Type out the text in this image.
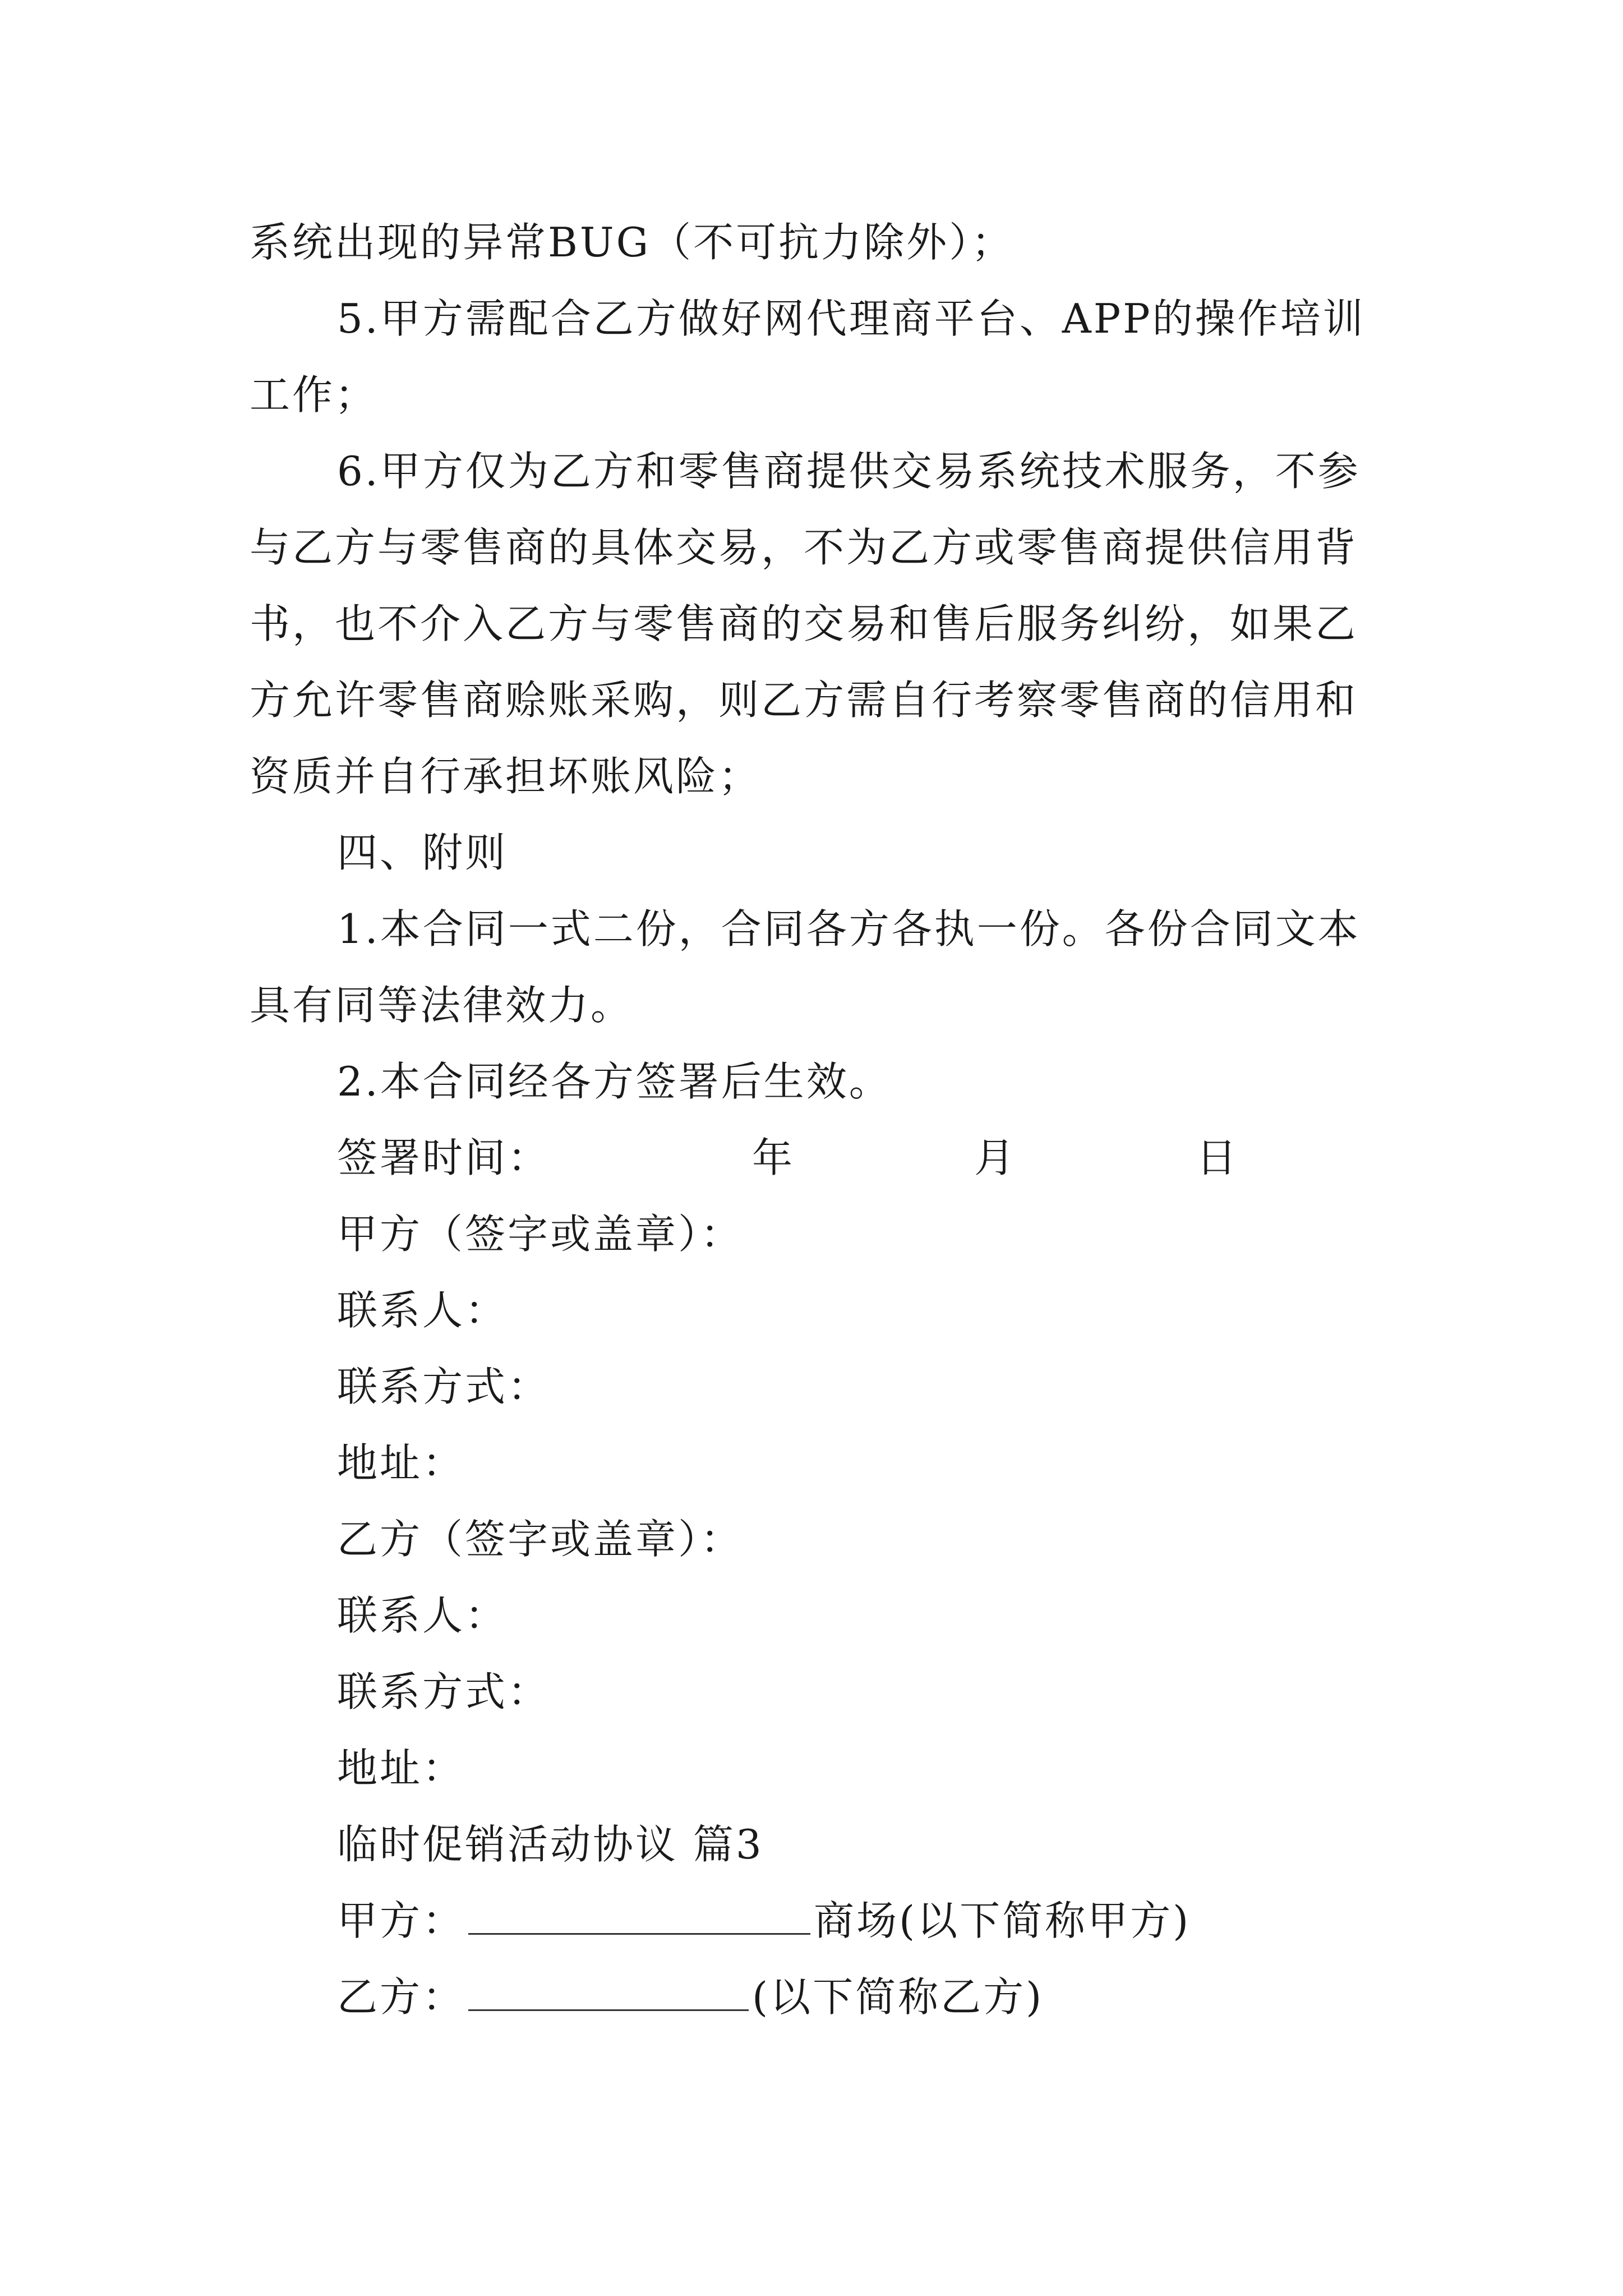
系统出现的异常BUG（不可抗力除外）；
5.甲方需配合乙方做好网代理商平台、APP的操作培训
工作；
6.甲方仅为乙方和零售商提供交易系统技术服务，不参
与乙方与零售商的具体交易，不为乙方或零售商提供信用背
书，也不介入乙方与零售商的交易和售后服务纠纷，如果乙
方允许零售商赊账采购，则乙方需自行考察零售商的信用和
资质并自行承担坏账风险；
四、附则
1.本合同一式二份，合同各方各执一份。各份合同文本
具有同等法律效力。
2.本合同经各方签署后生效。
签署时间：	年	月	日
甲方（签字或盖章）：
联系人：
联系方式：
地址：
乙方（签字或盖章）：
联系人：
联系方式：
地址：
临时促销活动协议 篇3
甲方：	商场(以下简称甲方)
乙方：	(以下简称乙方)
